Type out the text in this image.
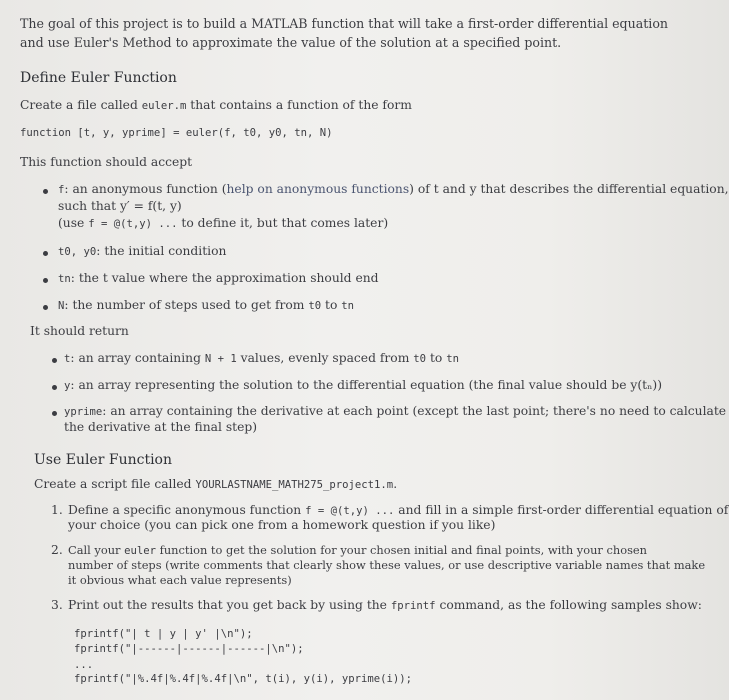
The goal of this project is to build a MATLAB function that will take a first-order differential equation and use Euler's Method to approximate the value of the solution at a specified point.
Define Euler Function
Create a file called euler.m that contains a function of the form
function [t, y, yprime] = euler(f, t0, y0, tn, N)
This function should accept
f: an anonymous function (help on anonymous functions) of t and y that describes the differential equation,
such that y′ = f(t, y)
(use f = @(t,y) ... to define it, but that comes later)
t0, y0: the initial condition
tn: the t value where the approximation should end
N: the number of steps used to get from t0 to tn
It should return
t: an array containing N + 1 values, evenly spaced from t0 to tn
y: an array representing the solution to the differential equation (the final value should be y(tₙ))
yprime: an array containing the derivative at each point (except the last point; there's no need to calculate
the derivative at the final step)
Use Euler Function
Create a script file called YOURLASTNAME_MATH275_project1.m.
1. Define a specific anonymous function f = @(t,y) ... and fill in a simple first-order differential equation of
your choice (you can pick one from a homework question if you like)
2. Call your euler function to get the solution for your chosen initial and final points, with your chosen
number of steps (write comments that clearly show these values, or use descriptive variable names that make
it obvious what each value represents)
3. Print out the results that you get back by using the fprintf command, as the following samples show:
fprintf("| t | y | y' |\n");
fprintf("|------|------|------|\n");
...
fprintf("|%.4f|%.4f|%.4f|\n", t(i), y(i), yprime(i));
